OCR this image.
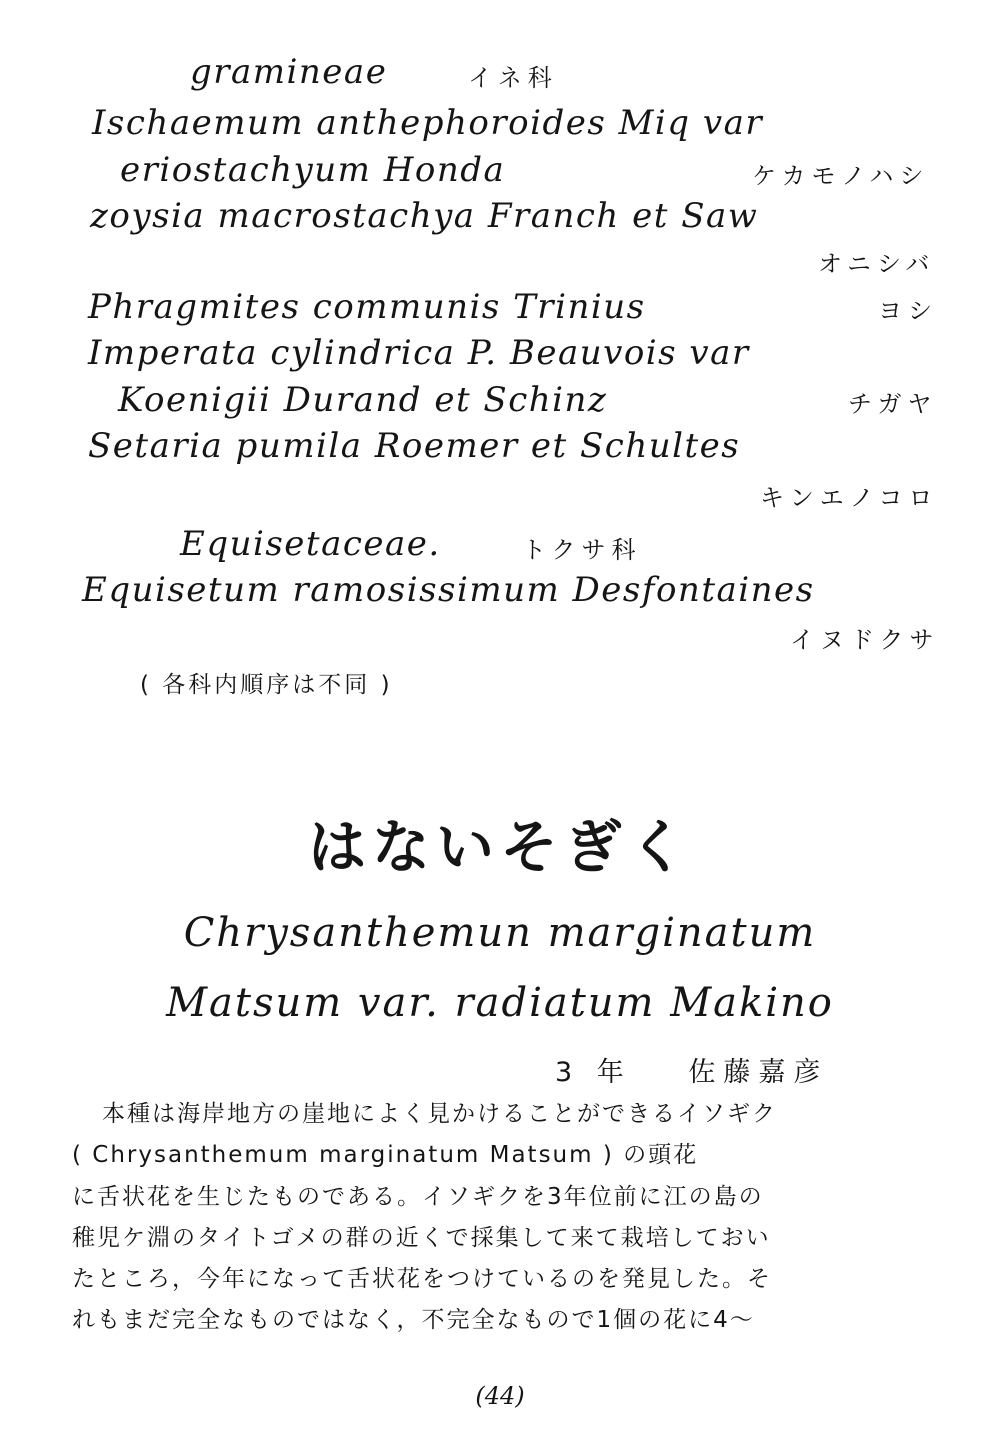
gramineae	イネ科
Ischaemum anthephoroides Miq var
eriostachyum Honda	ケカモノハシ
zoysia macrostachya Franch et Saw
オニシバ
Phragmites communis Trinius	ヨシ
Imperata cylindrica P. Beauvois var
Koenigii Durand et Schinz	チガヤ
Setaria pumila Roemer et Schultes
キンエノコロ
Equisetaceae.	トクサ科
Equisetum ramosissimum Desfontaines
イヌドクサ
( 各科内順序は不同 )
はないそぎく
Chrysanthemun marginatum
Matsum var. radiatum Makino
3 年 佐藤嘉彦
本種は海岸地方の崖地によく見かけることができるイソギク
( Chrysanthemum marginatum Matsum ) の頭花
に舌状花を生じたものである。イソギクを3年位前に江の島の
稚児ケ淵のタイトゴメの群の近くで採集して来て栽培しておい
たところ，今年になって舌状花をつけているのを発見した。そ
れもまだ完全なものではなく，不完全なもので1個の花に4～
(44)
